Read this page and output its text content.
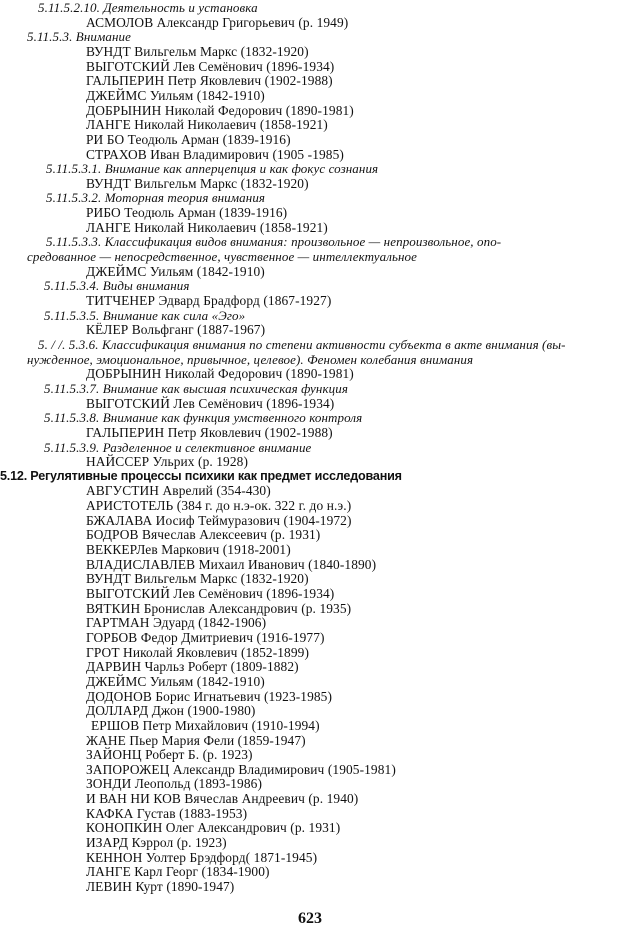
5.11.5.2.10. Деятельность и установка
АСМОЛОВ Александр Григорьевич (р. 1949)
5.11.5.3. Внимание
ВУНДТ Вильгельм Маркс (1832-1920)
ВЫГОТСКИЙ Лев Семёнович (1896-1934)
ГАЛЬПЕРИН Петр Яковлевич (1902-1988)
ДЖЕЙМС Уильям (1842-1910)
ДОБРЫНИН Николай Федорович (1890-1981)
ЛАНГЕ Николай Николаевич (1858-1921)
РИ БО Теодюль Арман (1839-1916)
СТРАХОВ Иван Владимирович (1905 -1985)
5.11.5.3.1. Внимание как апперцепция и как фокус сознания
ВУНДТ Вильгельм Маркс (1832-1920)
5.11.5.3.2. Моторная теория внимания
РИБО Теодюль Арман (1839-1916)
ЛАНГЕ Николай Николаевич (1858-1921)
5.11.5.3.3. Классификация видов внимания: произвольное — непроизвольное, опо-
средованное — непосредственное, чувственное — интеллектуальное
ДЖЕЙМС Уильям (1842-1910)
5.11.5.3.4. Виды внимания
ТИТЧЕНЕР Эдвард Брадфорд (1867-1927)
5.11.5.3.5. Внимание как сила «Эго»
КЁЛЕР Вольфганг (1887-1967)
5. / /. 5.3.6. Классификация внимания по степени активности субъекта в акте внимания (вы-
нужденное, эмоциональное, привычное, целевое). Феномен колебания внимания
ДОБРЫНИН Николай Федорович (1890-1981)
5.11.5.3.7. Внимание как высшая психическая функция
ВЫГОТСКИЙ Лев Семёнович (1896-1934)
5.11.5.3.8. Внимание как функция умственного контроля
ГАЛЬПЕРИН Петр Яковлевич (1902-1988)
5.11.5.3.9. Разделенное и селективное внимание
НАЙССЕР Ульрих (р. 1928)
5.12. Регулятивные процессы психики как предмет исследования
АВГУСТИН Аврелий (354-430)
АРИСТОТЕЛЬ (384 г. до н.э-ок. 322 г. до н.э.)
БЖАЛАВА Иосиф Теймуразович (1904-1972)
БОДРОВ Вячеслав Алексеевич (р. 1931)
ВЕККЕРЛев Маркович (1918-2001)
ВЛАДИСЛАВЛЕВ Михаил Иванович (1840-1890)
ВУНДТ Вильгельм Маркс (1832-1920)
ВЫГОТСКИЙ Лев Семёнович (1896-1934)
ВЯТКИН Бронислав Александрович (р. 1935)
ГАРТМАН Эдуард (1842-1906)
ГОРБОВ Федор Дмитриевич (1916-1977)
ГРОТ Николай Яковлевич (1852-1899)
ДАРВИН Чарльз Роберт (1809-1882)
ДЖЕЙМС Уильям (1842-1910)
ДОДОНОВ Борис Игнатьевич (1923-1985)
ДОЛЛАРД Джон (1900-1980)
ЕРШОВ Петр Михайлович (1910-1994)
ЖАНЕ Пьер Мария Фели (1859-1947)
ЗАЙОНЦ Роберт Б. (р. 1923)
ЗАПОРОЖЕЦ Александр Владимирович (1905-1981)
ЗОНДИ Леопольд (1893-1986)
И ВАН НИ КОВ Вячеслав Андреевич (р. 1940)
КАФКА Густав (1883-1953)
КОНОПКИН Олег Александрович (р. 1931)
ИЗАРД Кэррол (р. 1923)
КЕННОН Уолтер Брэдфорд( 1871-1945)
ЛАНГЕ Карл Георг (1834-1900)
ЛЕВИН Курт (1890-1947)
623
